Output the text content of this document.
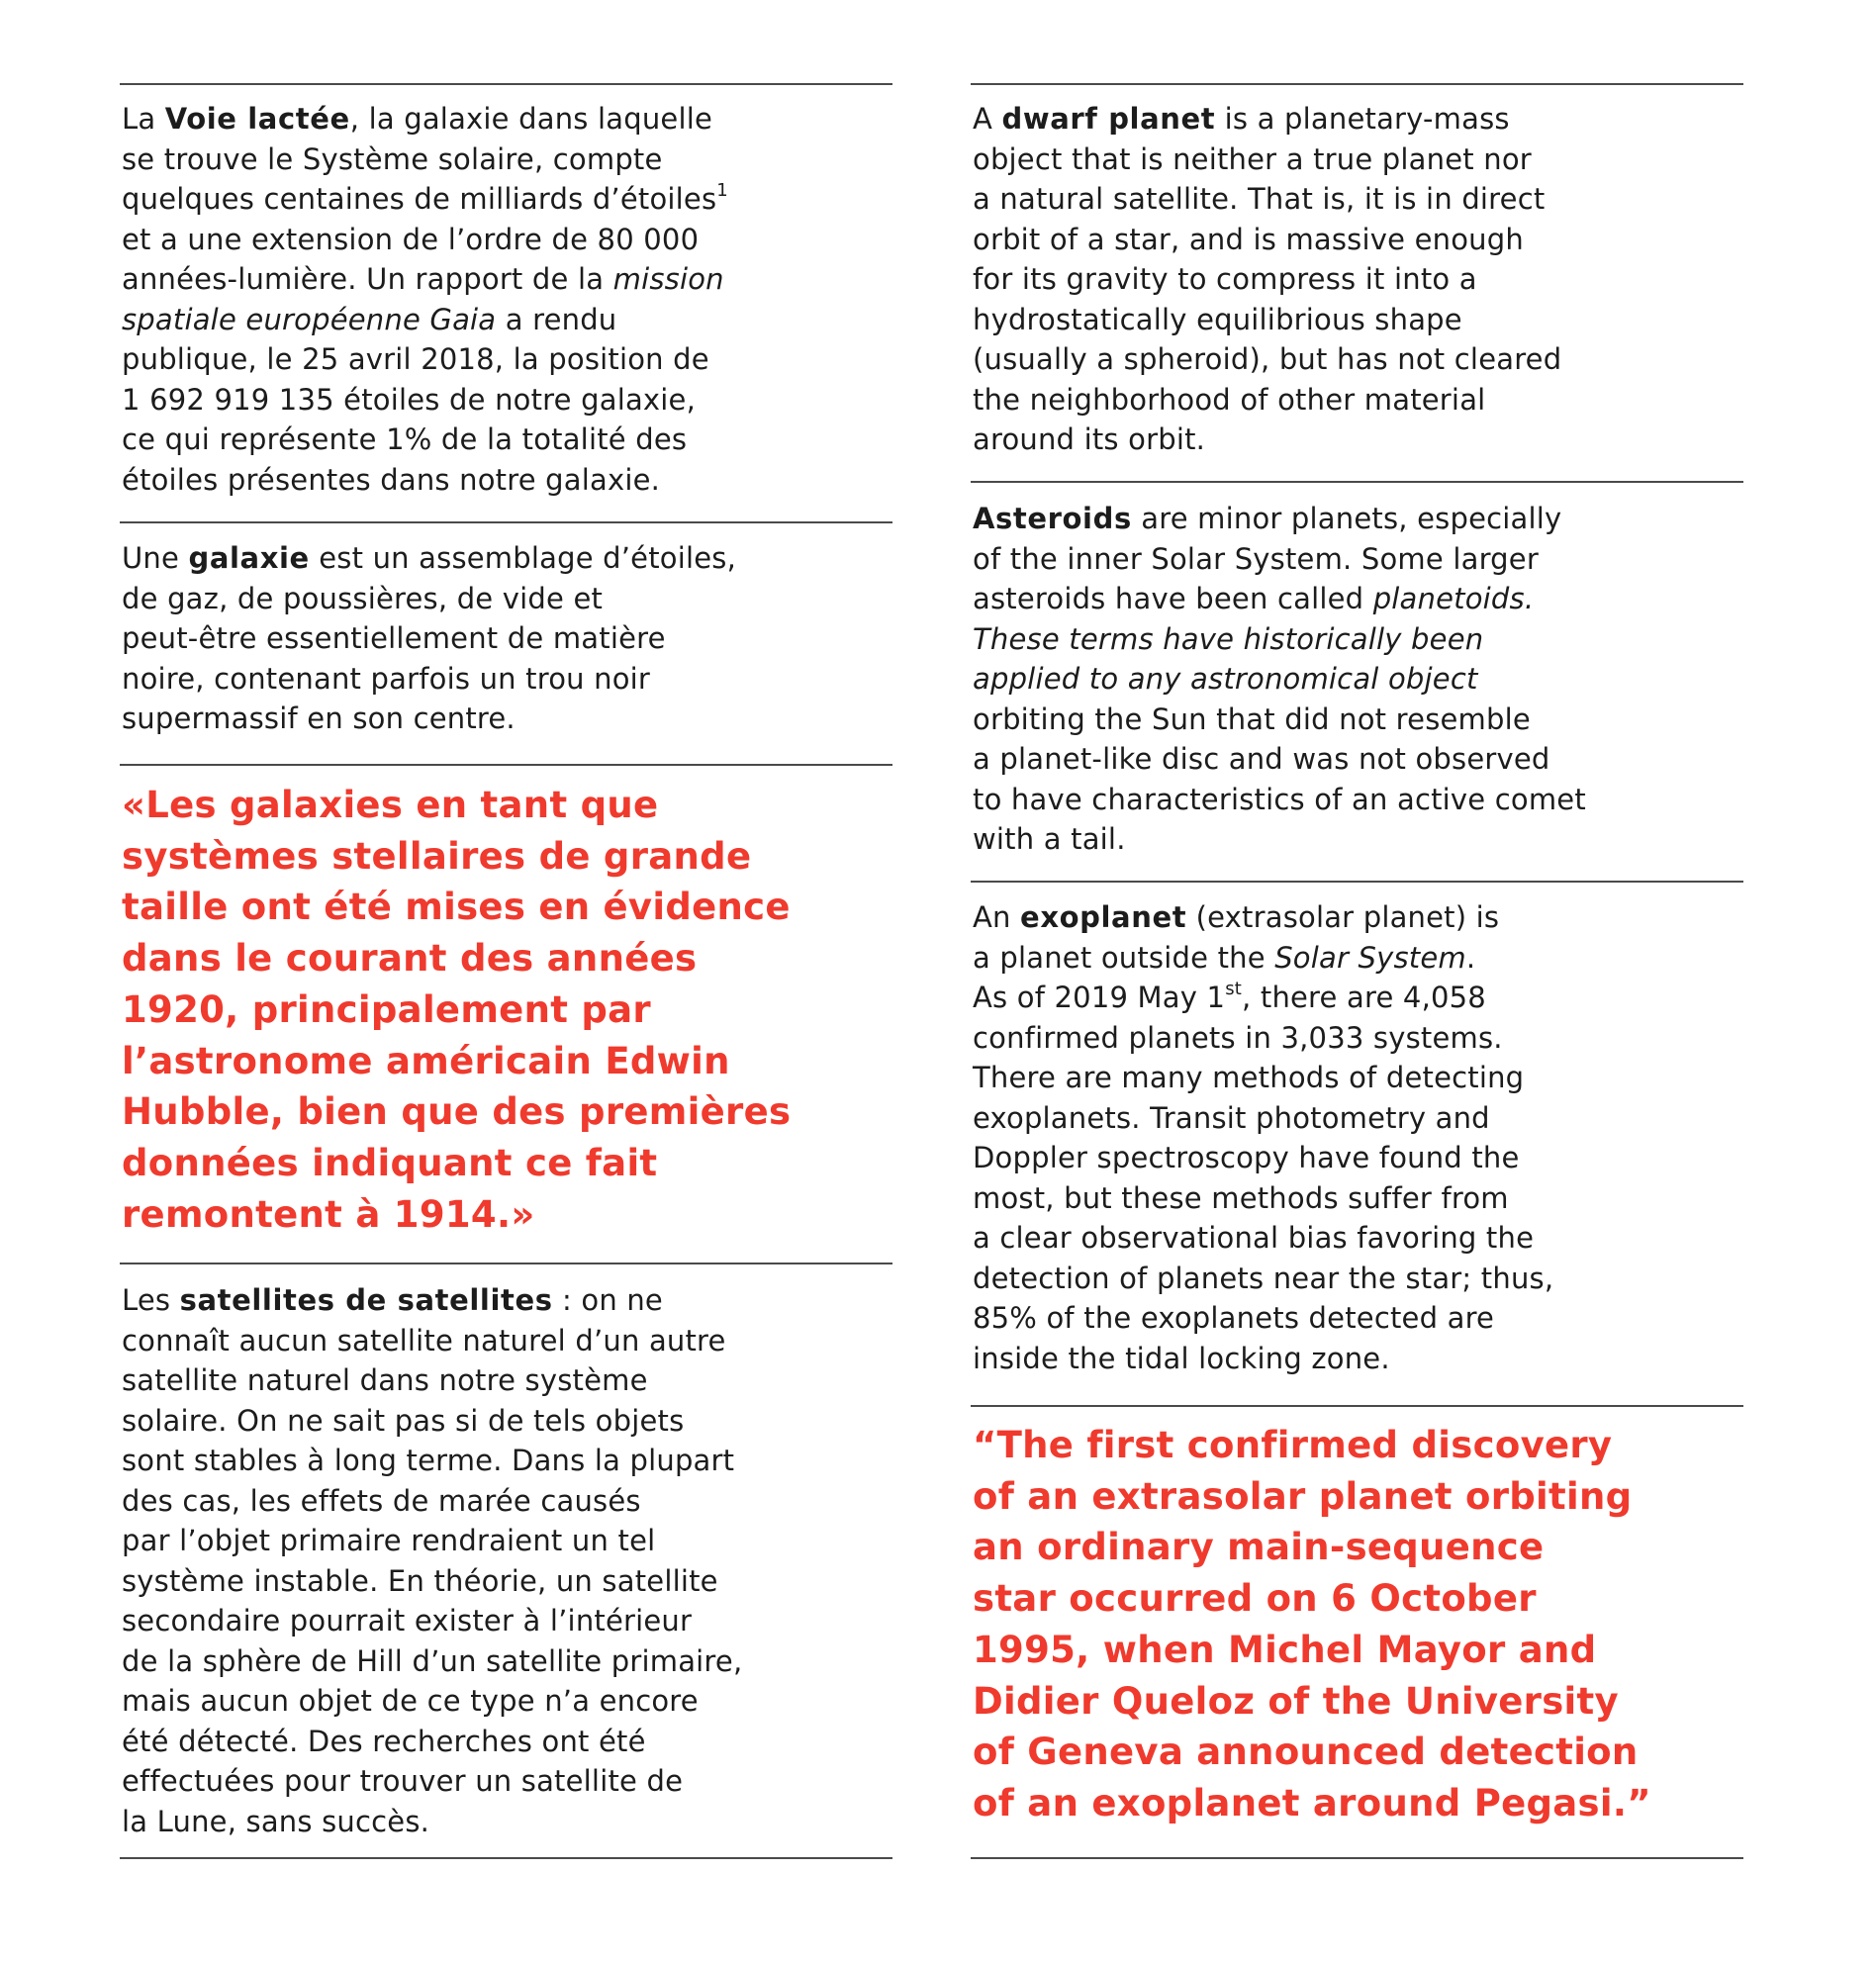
La Voie lactée, la galaxie dans laquelle
se trouve le Système solaire, compte
quelques centaines de milliards d’étoiles$^1$
et a une extension de l’ordre de 80 000
années-lumière. Un rapport de la mission
spatiale européenne Gaia a rendu
publique, le 25 avril 2018, la position de
1 692 919 135 étoiles de notre galaxie,
ce qui représente 1% de la totalité des
étoiles présentes dans notre galaxie.
Une galaxie est un assemblage d’étoiles,
de gaz, de poussières, de vide et
peut-être essentiellement de matière
noire, contenant parfois un trou noir
supermassif en son centre.
«Les galaxies en tant que
systèmes stellaires de grande
taille ont été mises en évidence
dans le courant des années
1920, principalement par
l’astronome américain Edwin
Hubble, bien que des premières
données indiquant ce fait
remontent à 1914.»
Les satellites de satellites : on ne
connaît aucun satellite naturel d’un autre
satellite naturel dans notre système
solaire. On ne sait pas si de tels objets
sont stables à long terme. Dans la plupart
des cas, les effets de marée causés
par l’objet primaire rendraient un tel
système instable. En théorie, un satellite
secondaire pourrait exister à l’intérieur
de la sphère de Hill d’un satellite primaire,
mais aucun objet de ce type n’a encore
été détecté. Des recherches ont été
effectuées pour trouver un satellite de
la Lune, sans succès.
A dwarf planet is a planetary-mass
object that is neither a true planet nor
a natural satellite. That is, it is in direct
orbit of a star, and is massive enough
for its gravity to compress it into a
hydrostatically equilibrious shape
(usually a spheroid), but has not cleared
the neighborhood of other material
around its orbit.
Asteroids are minor planets, especially
of the inner Solar System. Some larger
asteroids have been called planetoids.
These terms have historically been
applied to any astronomical object
orbiting the Sun that did not resemble
a planet-like disc and was not observed
to have characteristics of an active comet
with a tail.
An exoplanet (extrasolar planet) is
a planet outside the Solar System.
As of 2019 May 1st, there are 4,058
confirmed planets in 3,033 systems.
There are many methods of detecting
exoplanets. Transit photometry and
Doppler spectroscopy have found the
most, but these methods suffer from
a clear observational bias favoring the
detection of planets near the star; thus,
85% of the exoplanets detected are
inside the tidal locking zone.
“The first confirmed discovery
of an extrasolar planet orbiting
an ordinary main-sequence
star occurred on 6 October
1995, when Michel Mayor and
Didier Queloz of the University
of Geneva announced detection
of an exoplanet around Pegasi.”
